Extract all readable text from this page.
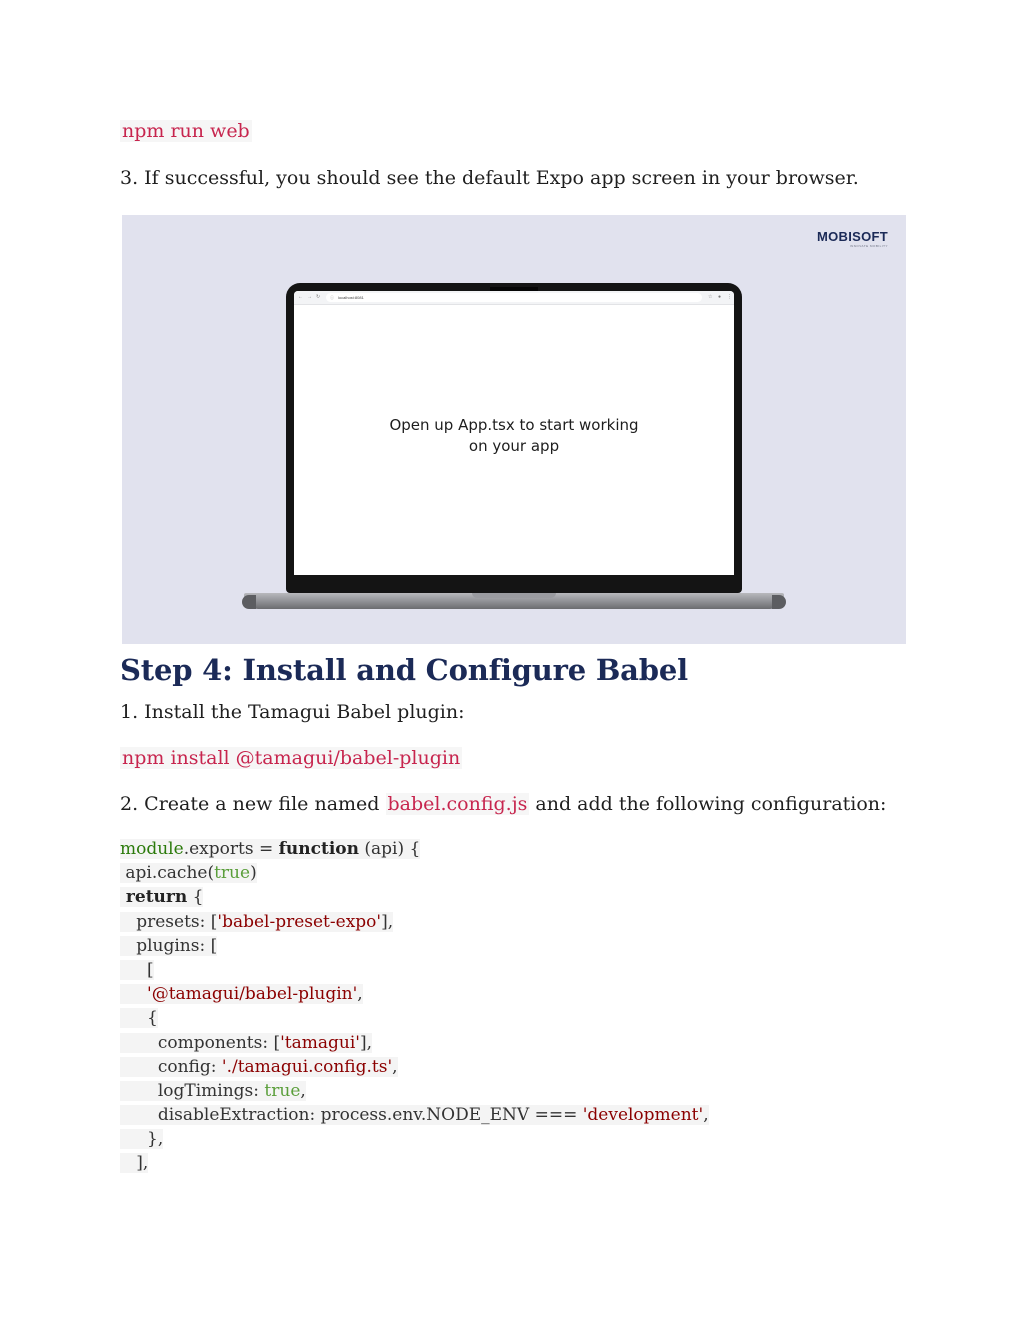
npm run web
3. If successful, you should see the default Expo app screen in your browser.
MOBISOFT
INNOVATE MOBILITY
← → ↻ ⓘ localhost:8081	☆ ● ⋮
Open up App.tsx to start working
on your app
Step 4: Install and Configure Babel
1. Install the Tamagui Babel plugin:
npm install @tamagui/babel-plugin
2. Create a new file named babel.config.js and add the following configuration:
module.exports = function (api) {
api.cache(true)
return {
presets: ['babel-preset-expo'],
plugins: [
[
'@tamagui/babel-plugin',
{
components: ['tamagui'],
config: './tamagui.config.ts',
logTimings: true,
disableExtraction: process.env.NODE_ENV === 'development',
},
],
